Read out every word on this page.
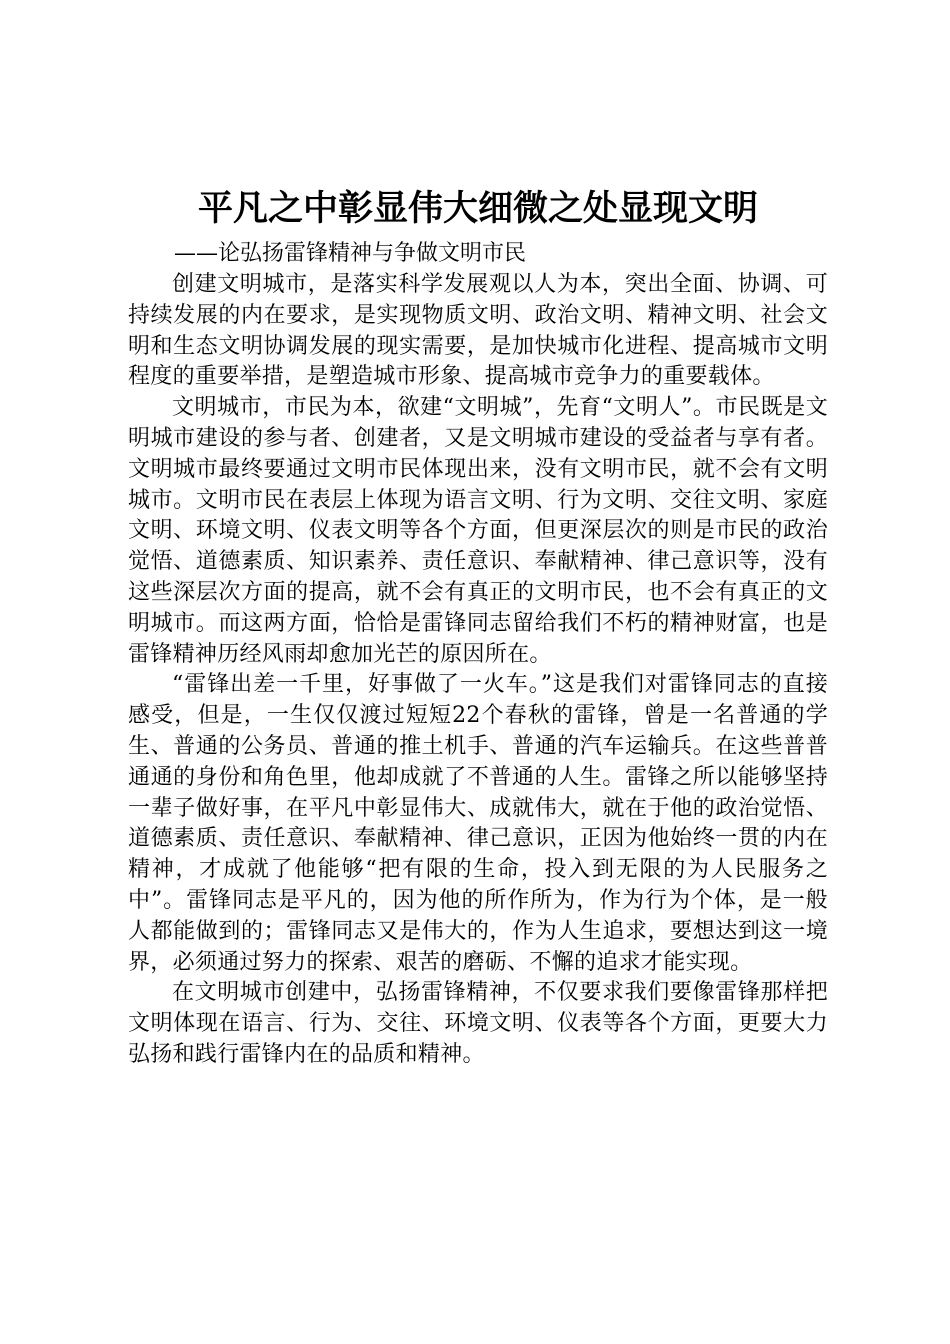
平凡之中彰显伟大细微之处显现文明

——论弘扬雷锋精神与争做文明市民

创建文明城市，是落实科学发展观以人为本，突出全面、协调、可持续发展的内在要求，是实现物质文明、政治文明、精神文明、社会文明和生态文明协调发展的现实需要，是加快城市化进程、提高城市文明程度的重要举措，是塑造城市形象、提高城市竞争力的重要载体。

文明城市，市民为本，欲建“文明城”，先育“文明人”。市民既是文明城市建设的参与者、创建者，又是文明城市建设的受益者与享有者。文明城市最终要通过文明市民体现出来，没有文明市民，就不会有文明城市。文明市民在表层上体现为语言文明、行为文明、交往文明、家庭文明、环境文明、仪表文明等各个方面，但更深层次的则是市民的政治觉悟、道德素质、知识素养、责任意识、奉献精神、律己意识等，没有这些深层次方面的提高，就不会有真正的文明市民，也不会有真正的文明城市。而这两方面，恰恰是雷锋同志留给我们不朽的精神财富，也是雷锋精神历经风雨却愈加光芒的原因所在。

“雷锋出差一千里，好事做了一火车。”这是我们对雷锋同志的直接感受，但是，一生仅仅渡过短短22个春秋的雷锋，曾是一名普通的学生、普通的公务员、普通的推土机手、普通的汽车运输兵。在这些普普通通的身份和角色里，他却成就了不普通的人生。雷锋之所以能够坚持一辈子做好事，在平凡中彰显伟大、成就伟大，就在于他的政治觉悟、道德素质、责任意识、奉献精神、律己意识，正因为他始终一贯的内在精神，才成就了他能够“把有限的生命，投入到无限的为人民服务之中”。雷锋同志是平凡的，因为他的所作所为，作为行为个体，是一般人都能做到的；雷锋同志又是伟大的，作为人生追求，要想达到这一境界，必须通过努力的探索、艰苦的磨砺、不懈的追求才能实现。

在文明城市创建中，弘扬雷锋精神，不仅要求我们要像雷锋那样把文明体现在语言、行为、交往、环境文明、仪表等各个方面，更要大力弘扬和践行雷锋内在的品质和精神。
